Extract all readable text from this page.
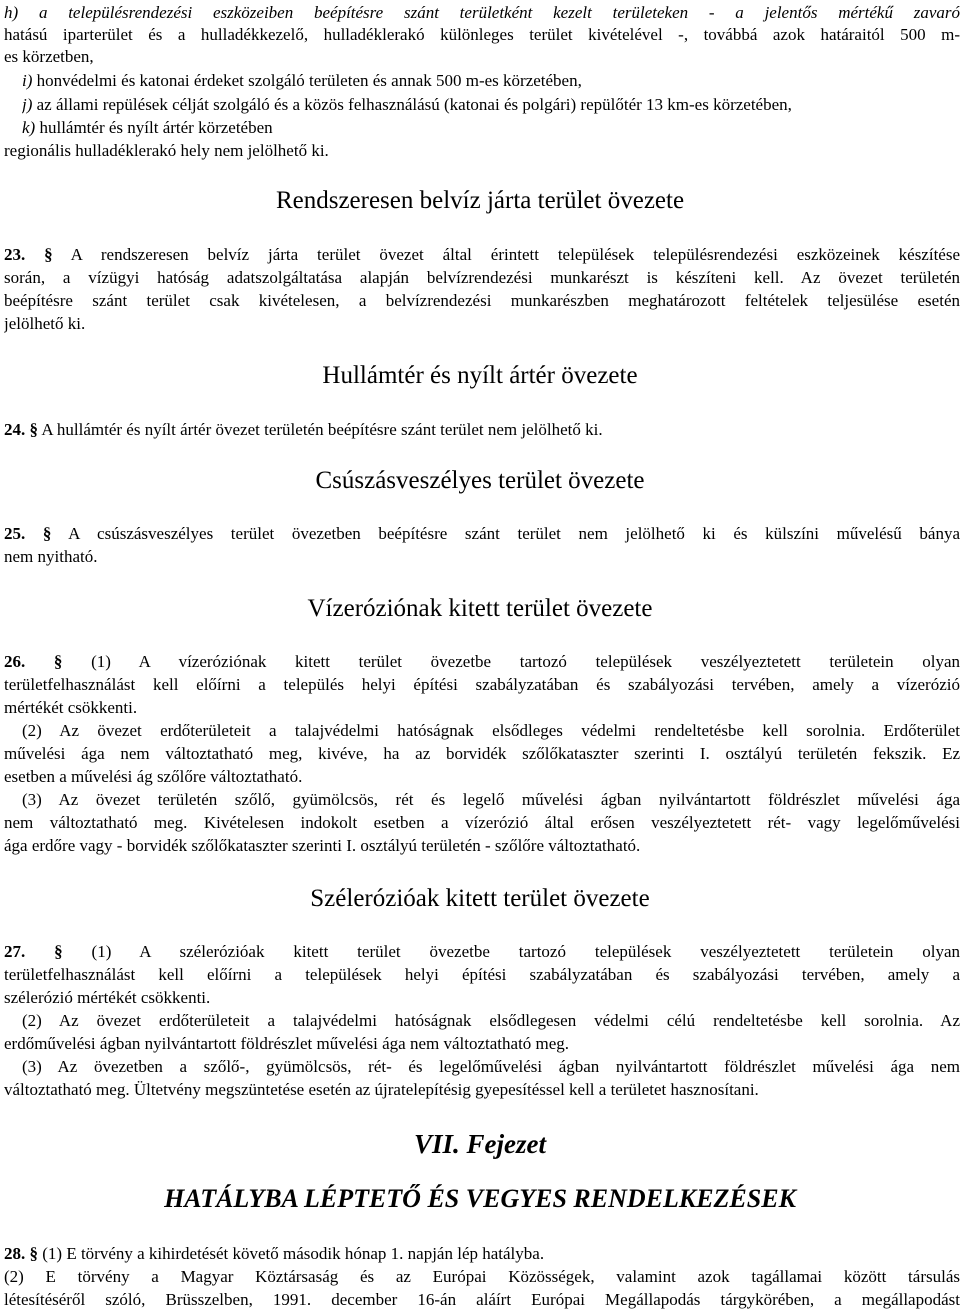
h) a településrendezési eszközeiben beépítésre szánt területként kezelt területeken - a jelentős mértékű zavaró
hatású iparterület és a hulladékkezelő, hulladéklerakó különleges terület kivételével -, továbbá azok határaitól 500 m-
es körzetben,
i) honvédelmi és katonai érdeket szolgáló területen és annak 500 m-es körzetében,
j) az állami repülések célját szolgáló és a közös felhasználású (katonai és polgári) repülőtér 13 km-es körzetében,
k) hullámtér és nyílt ártér körzetében
regionális hulladéklerakó hely nem jelölhető ki.
Rendszeresen belvíz járta terület övezete
23. § A rendszeresen belvíz járta terület övezet által érintett települések településrendezési eszközeinek készítése
során, a vízügyi hatóság adatszolgáltatása alapján belvízrendezési munkarészt is készíteni kell. Az övezet területén
beépítésre szánt terület csak kivételesen, a belvízrendezési munkarészben meghatározott feltételek teljesülése esetén
jelölhető ki.
Hullámtér és nyílt ártér övezete
24. § A hullámtér és nyílt ártér övezet területén beépítésre szánt terület nem jelölhető ki.
Csúszásveszélyes terület övezete
25. § A csúszásveszélyes terület övezetben beépítésre szánt terület nem jelölhető ki és külszíni művelésű bánya
nem nyitható.
Vízeróziónak kitett terület övezete
26. § (1) A vízeróziónak kitett terület övezetbe tartozó települések veszélyeztetett területein olyan
területfelhasználást kell előírni a település helyi építési szabályzatában és szabályozási tervében, amely a vízerózió
mértékét csökkenti.
(2) Az övezet erdőterületeit a talajvédelmi hatóságnak elsődleges védelmi rendeltetésbe kell sorolnia. Erdőterület
művelési ága nem változtatható meg, kivéve, ha az borvidék szőlőkataszter szerinti I. osztályú területén fekszik. Ez
esetben a művelési ág szőlőre változtatható.
(3) Az övezet területén szőlő, gyümölcsös, rét és legelő művelési ágban nyilvántartott földrészlet művelési ága
nem változtatható meg. Kivételesen indokolt esetben a vízerózió által erősen veszélyeztetett rét- vagy legelőművelési
ága erdőre vagy - borvidék szőlőkataszter szerinti I. osztályú területén - szőlőre változtatható.
Szélerózióak kitett terület övezete
27. § (1) A szélerózióak kitett terület övezetbe tartozó települések veszélyeztetett területein olyan
területfelhasználást kell előírni a települések helyi építési szabályzatában és szabályozási tervében, amely a
szélerózió mértékét csökkenti.
(2) Az övezet erdőterületeit a talajvédelmi hatóságnak elsődlegesen védelmi célú rendeltetésbe kell sorolnia. Az
erdőművelési ágban nyilvántartott földrészlet művelési ága nem változtatható meg.
(3) Az övezetben a szőlő-, gyümölcsös, rét- és legelőművelési ágban nyilvántartott földrészlet művelési ága nem
változtatható meg. Ültetvény megszüntetése esetén az újratelepítésig gyepesítéssel kell a területet hasznosítani.
VII. Fejezet
HATÁLYBA LÉPTETŐ ÉS VEGYES RENDELKEZÉSEK
28. § (1) E törvény a kihirdetését követő második hónap 1. napján lép hatályba.
(2) E törvény a Magyar Köztársaság és az Európai Közösségek, valamint azok tagállamai között társulás
létesítéséről szóló, Brüsszelben, 1991. december 16-án aláírt Európai Megállapodás tárgykörében, a megállapodást
